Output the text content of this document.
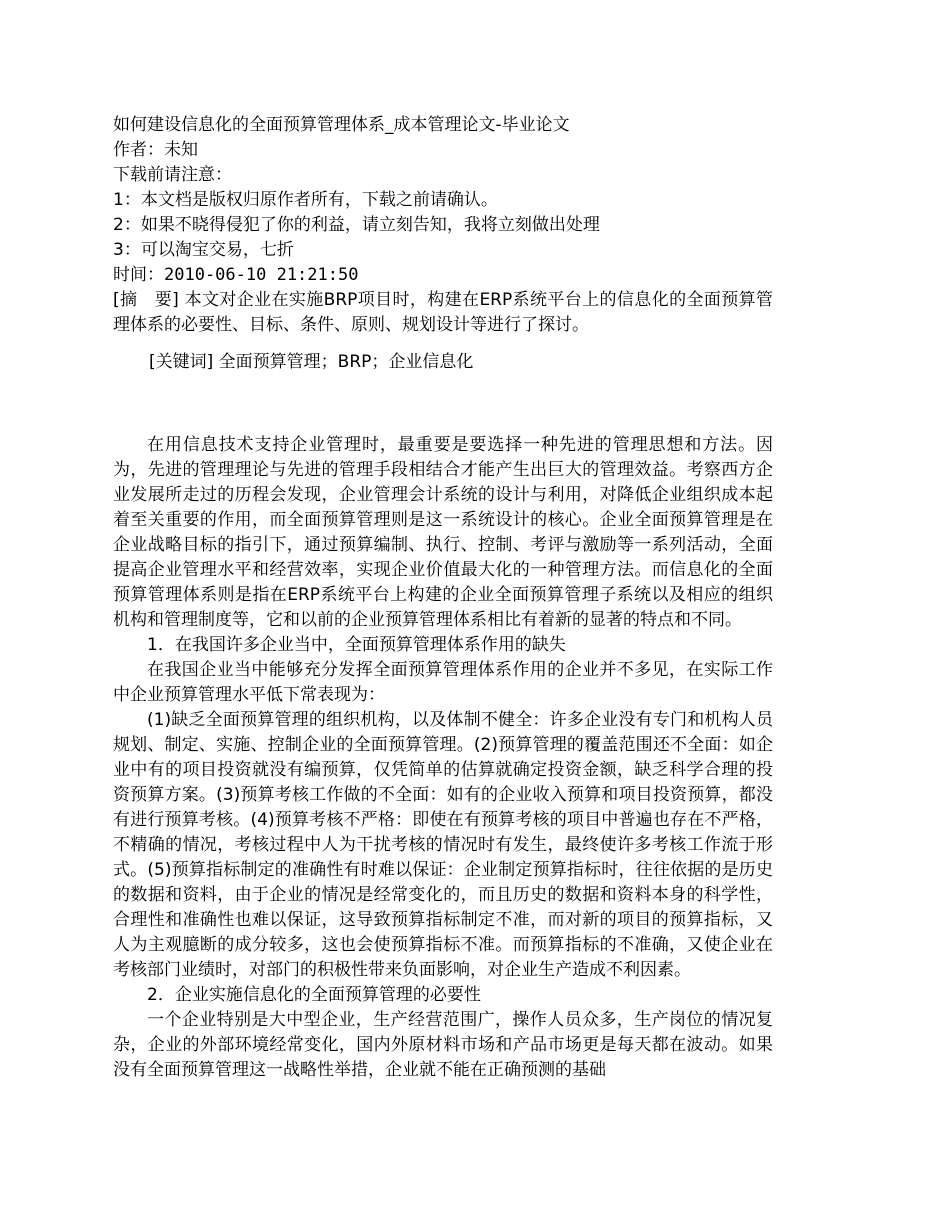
如何建设信息化的全面预算管理体系_成本管理论文-毕业论文
作者：未知
下载前请注意：
1：本文档是版权归原作者所有，下载之前请确认。
2：如果不晓得侵犯了你的利益，请立刻告知，我将立刻做出处理
3：可以淘宝交易，七折
时间：2010-06-10 21:21:50

[摘　要] 本文对企业在实施BRP项目时，构建在ERP系统平台上的信息化的全面预算管理体系的必要性、目标、条件、原则、规划设计等进行了探讨。

[关键词] 全面预算管理；BRP；企业信息化

在用信息技术支持企业管理时，最重要是要选择一种先进的管理思想和方法。因为，先进的管理理论与先进的管理手段相结合才能产生出巨大的管理效益。考察西方企业发展所走过的历程会发现，企业管理会计系统的设计与利用，对降低企业组织成本起着至关重要的作用，而全面预算管理则是这一系统设计的核心。企业全面预算管理是在企业战略目标的指引下，通过预算编制、执行、控制、考评与激励等一系列活动，全面提高企业管理水平和经营效率，实现企业价值最大化的一种管理方法。而信息化的全面预算管理体系则是指在ERP系统平台上构建的企业全面预算管理子系统以及相应的组织机构和管理制度等，它和以前的企业预算管理体系相比有着新的显著的特点和不同。

1．在我国许多企业当中，全面预算管理体系作用的缺失

在我国企业当中能够充分发挥全面预算管理体系作用的企业并不多见，在实际工作中企业预算管理水平低下常表现为：

(1)缺乏全面预算管理的组织机构，以及体制不健全：许多企业没有专门和机构人员规划、制定、实施、控制企业的全面预算管理。(2)预算管理的覆盖范围还不全面：如企业中有的项目投资就没有编预算，仅凭简单的估算就确定投资金额，缺乏科学合理的投资预算方案。(3)预算考核工作做的不全面：如有的企业收入预算和项目投资预算，都没有进行预算考核。(4)预算考核不严格：即使在有预算考核的项目中普遍也存在不严格，不精确的情况，考核过程中人为干扰考核的情况时有发生，最终使许多考核工作流于形式。(5)预算指标制定的准确性有时难以保证：企业制定预算指标时，往往依据的是历史的数据和资料，由于企业的情况是经常变化的，而且历史的数据和资料本身的科学性，合理性和准确性也难以保证，这导致预算指标制定不准，而对新的项目的预算指标，又人为主观臆断的成分较多，这也会使预算指标不准。而预算指标的不准确，又使企业在考核部门业绩时，对部门的积极性带来负面影响，对企业生产造成不利因素。

2．企业实施信息化的全面预算管理的必要性

一个企业特别是大中型企业，生产经营范围广，操作人员众多，生产岗位的情况复杂，企业的外部环境经常变化，国内外原材料市场和产品市场更是每天都在波动。如果没有全面预算管理这一战略性举措，企业就不能在正确预测的基础
